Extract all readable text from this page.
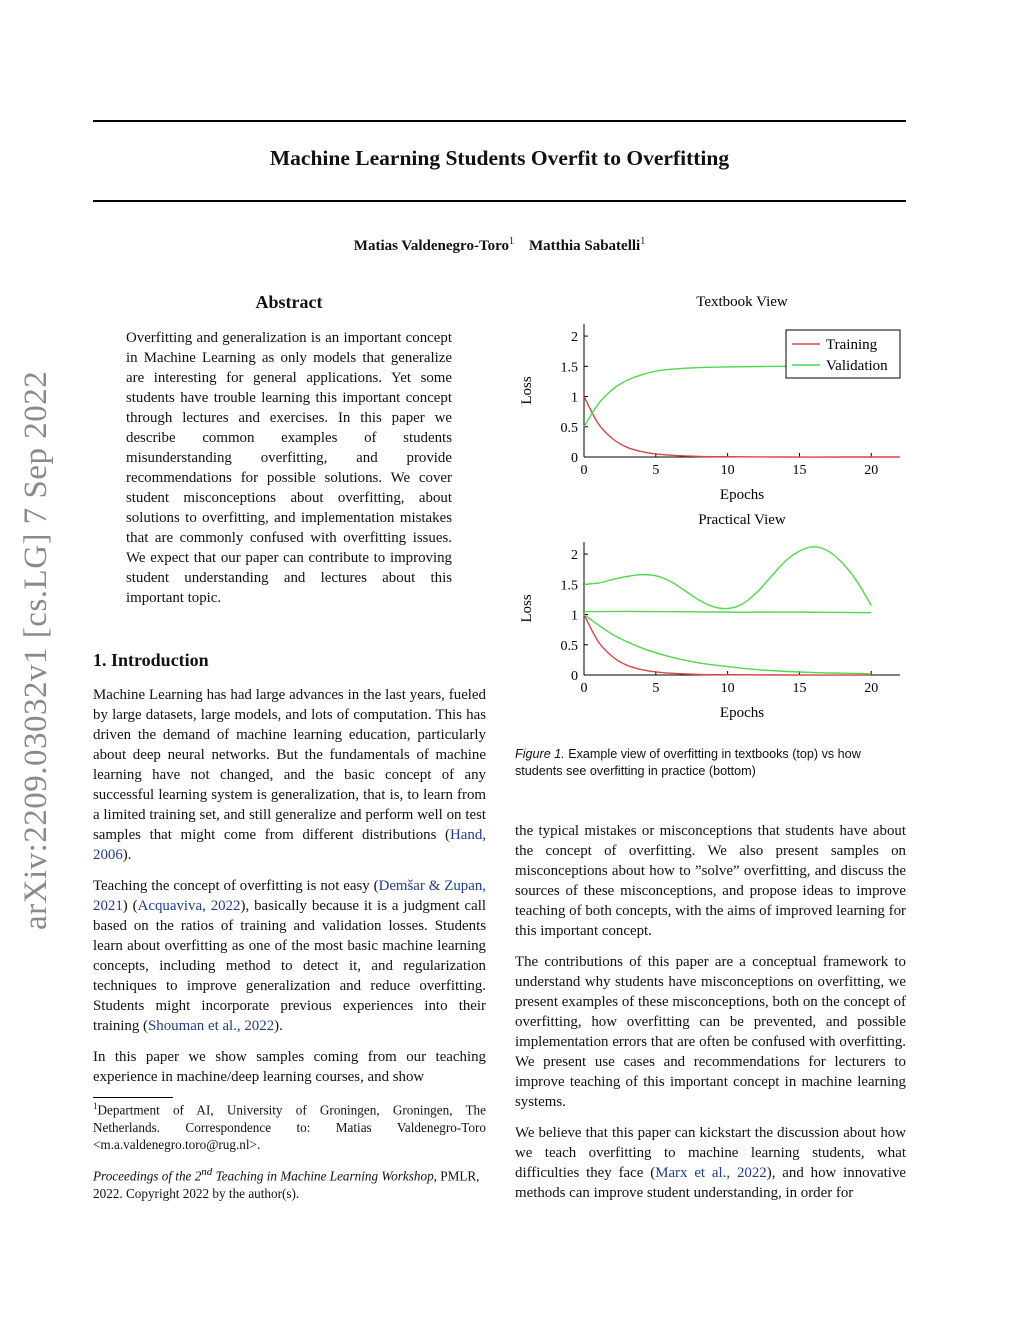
Machine Learning Students Overfit to Overfitting
Matias Valdenegro-Toro$^1$ Matthia Sabatelli$^1$
arXiv:2209.03032v1 [cs.LG] 7 Sep 2022
Abstract

Overfitting and generalization is an important concept in Machine Learning as only models that generalize are interesting for general applications. Yet some students have trouble learning this important concept through lectures and exercises. In this paper we describe common examples of students misunderstanding overfitting, and provide recommendations for possible solutions. We cover student misconceptions about overfitting, about solutions to overfitting, and implementation mistakes that are commonly confused with overfitting issues. We expect that our paper can contribute to improving student understanding and lectures about this important topic.

1. Introduction

Machine Learning has had large advances in the last years, fueled by large datasets, large models, and lots of computation. This has driven the demand of machine learning education, particularly about deep neural networks. But the fundamentals of machine learning have not changed, and the basic concept of any successful learning system is generalization, that is, to learn from a limited training set, and still generalize and perform well on test samples that might come from different distributions (Hand, 2006).

Teaching the concept of overfitting is not easy (Demšar & Zupan, 2021) (Acquaviva, 2022), basically because it is a judgment call based on the ratios of training and validation losses. Students learn about overfitting as one of the most basic machine learning concepts, including method to detect it, and regularization techniques to improve generalization and reduce overfitting. Students might incorporate previous experiences into their training (Shouman et al., 2022).

In this paper we show samples coming from our teaching experience in machine/deep learning courses, and show

$^1$Department of AI, University of Groningen, Groningen, The Netherlands. Correspondence to: Matias Valdenegro-Toro <m.a.valdenegro.toro@rug.nl>.
Proceedings of the 2nd Teaching in Machine Learning Workshop, PMLR, 2022. Copyright 2022 by the author(s).
Textbook View
0	5	10	15	20
0
0.5
1
1.5
2
Epochs
Loss
Training
Validation
Practical View
0	5	10	15	20
0
0.5
1
1.5
2
Epochs
Loss
Figure 1. Example view of overfitting in textbooks (top) vs how students see overfitting in practice (bottom)

the typical mistakes or misconceptions that students have about the concept of overfitting. We also present samples on misconceptions about how to ”solve” overfitting, and discuss the sources of these misconceptions, and propose ideas to improve teaching of both concepts, with the aims of improved learning for this important concept.

The contributions of this paper are a conceptual framework to understand why students have misconceptions on overfitting, we present examples of these misconceptions, both on the concept of overfitting, how overfitting can be prevented, and possible implementation errors that are often be confused with overfitting. We present use cases and recommendations for lecturers to improve teaching of this important concept in machine learning systems.

We believe that this paper can kickstart the discussion about how we teach overfitting to machine learning students, what difficulties they face (Marx et al., 2022), and how innovative methods can improve student understanding, in order for
